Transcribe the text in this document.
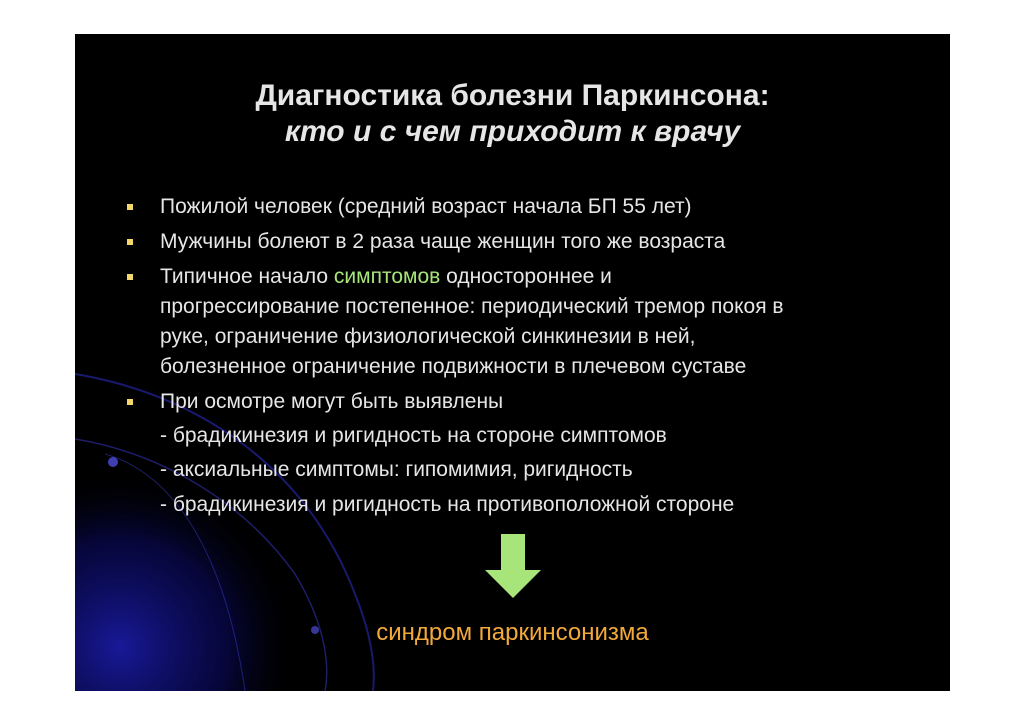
Диагностика болезни Паркинсона:
кто и с чем приходит к врачу
Пожилой человек (средний возраст начала БП 55 лет)
Мужчины болеют в 2 раза чаще женщин того же возраста
Типичное начало симптомов одностороннее и
прогрессирование постепенное: периодический тремор покоя в
руке, ограничение физиологической синкинезии в ней,
болезненное ограничение подвижности в плечевом суставе
При осмотре могут быть выявлены
- брадикинезия и ригидность на стороне симптомов
- аксиальные симптомы: гипомимия, ригидность
- брадикинезия и ригидность на противоположной стороне
синдром паркинсонизма
